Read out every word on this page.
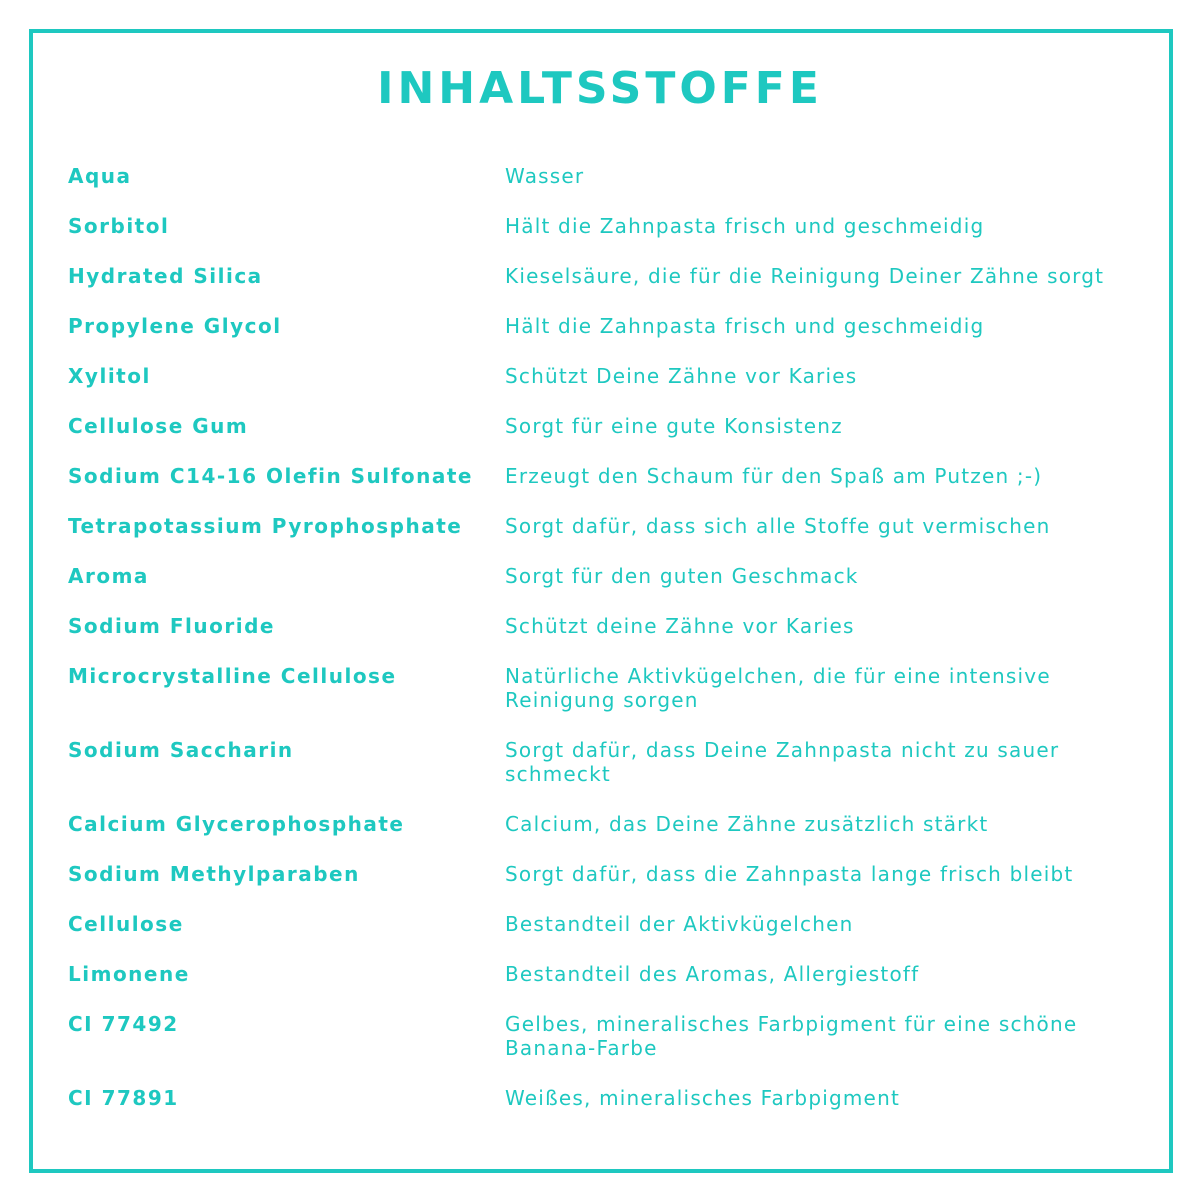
INHALTSSTOFFE
Aqua	Wasser
Sorbitol	Hält die Zahnpasta frisch und geschmeidig
Hydrated Silica	Kieselsäure, die für die Reinigung Deiner Zähne sorgt
Propylene Glycol	Hält die Zahnpasta frisch und geschmeidig
Xylitol	Schützt Deine Zähne vor Karies
Cellulose Gum	Sorgt für eine gute Konsistenz
Sodium C14-16 Olefin Sulfonate	Erzeugt den Schaum für den Spaß am Putzen ;-)
Tetrapotassium Pyrophosphate	Sorgt dafür, dass sich alle Stoffe gut vermischen
Aroma	Sorgt für den guten Geschmack
Sodium Fluoride	Schützt deine Zähne vor Karies
Microcrystalline Cellulose	Natürliche Aktivkügelchen, die für eine intensive
Reinigung sorgen
Sodium Saccharin	Sorgt dafür, dass Deine Zahnpasta nicht zu sauer
schmeckt
Calcium Glycerophosphate	Calcium, das Deine Zähne zusätzlich stärkt
Sodium Methylparaben	Sorgt dafür, dass die Zahnpasta lange frisch bleibt
Cellulose	Bestandteil der Aktivkügelchen
Limonene	Bestandteil des Aromas, Allergiestoff
CI 77492	Gelbes, mineralisches Farbpigment für eine schöne
Banana-Farbe
CI 77891	Weißes, mineralisches Farbpigment
